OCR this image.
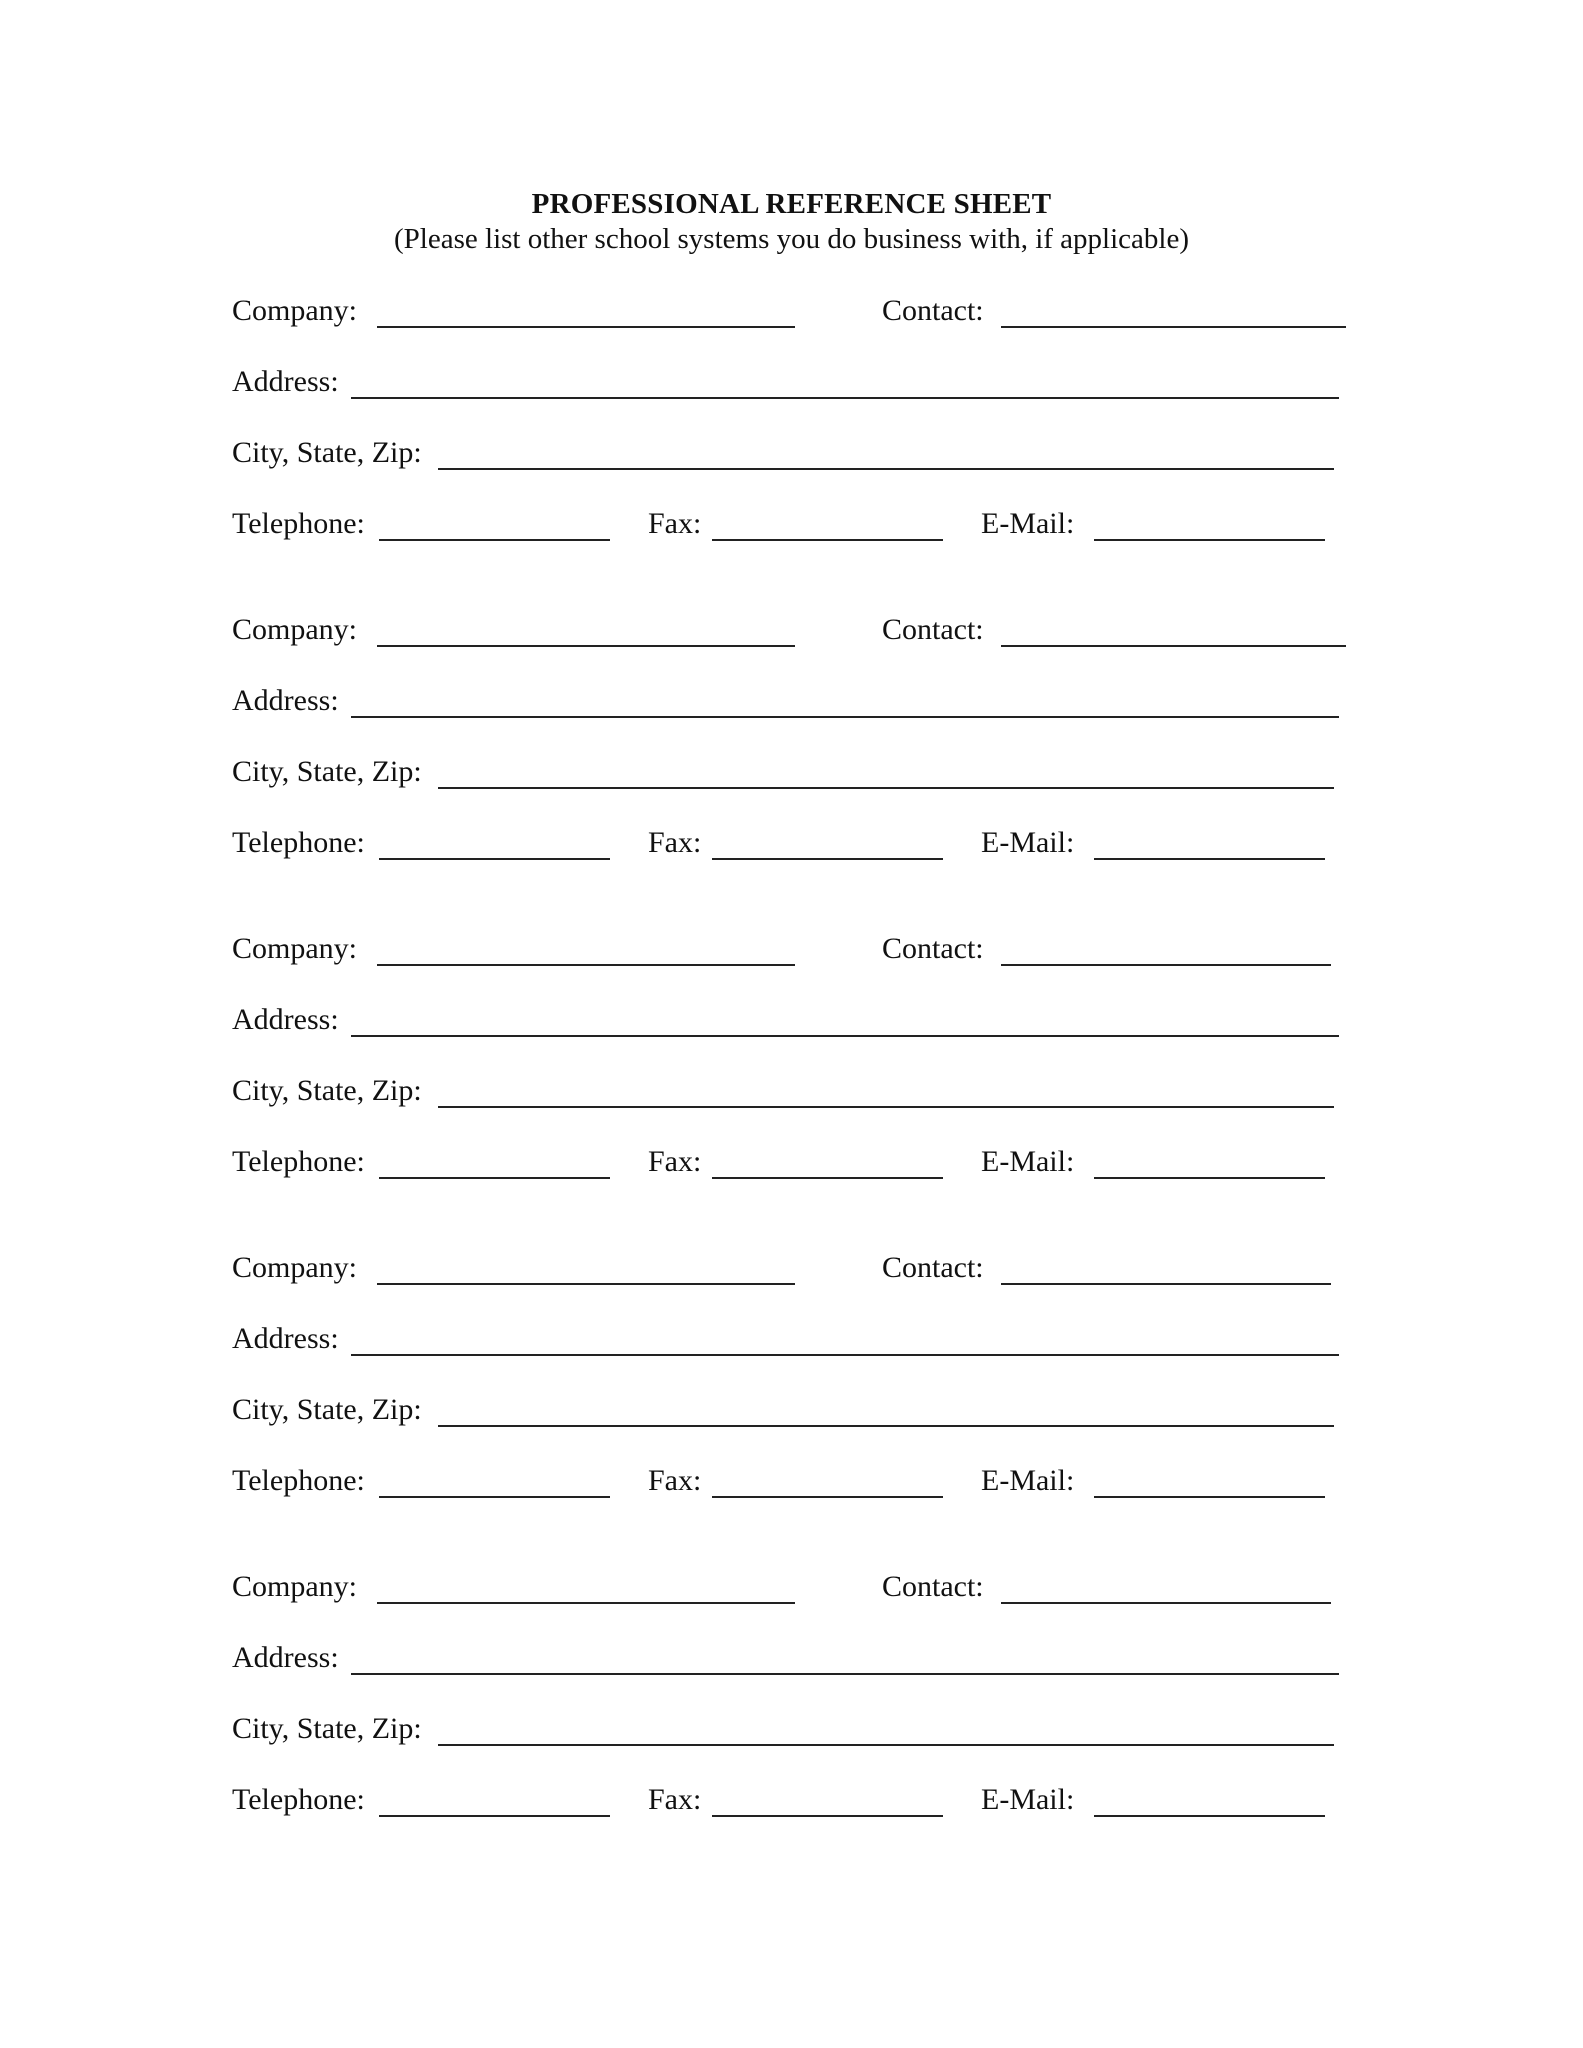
PROFESSIONAL REFERENCE SHEET
(Please list other school systems you do business with, if applicable)
Company:	Contact:
Address:
City, State, Zip:
Telephone:	Fax:	E-Mail:
Company:	Contact:
Address:
City, State, Zip:
Telephone:	Fax:	E-Mail:
Company:	Contact:
Address:
City, State, Zip:
Telephone:	Fax:	E-Mail:
Company:	Contact:
Address:
City, State, Zip:
Telephone:	Fax:	E-Mail:
Company:	Contact:
Address:
City, State, Zip:
Telephone:	Fax:	E-Mail:
